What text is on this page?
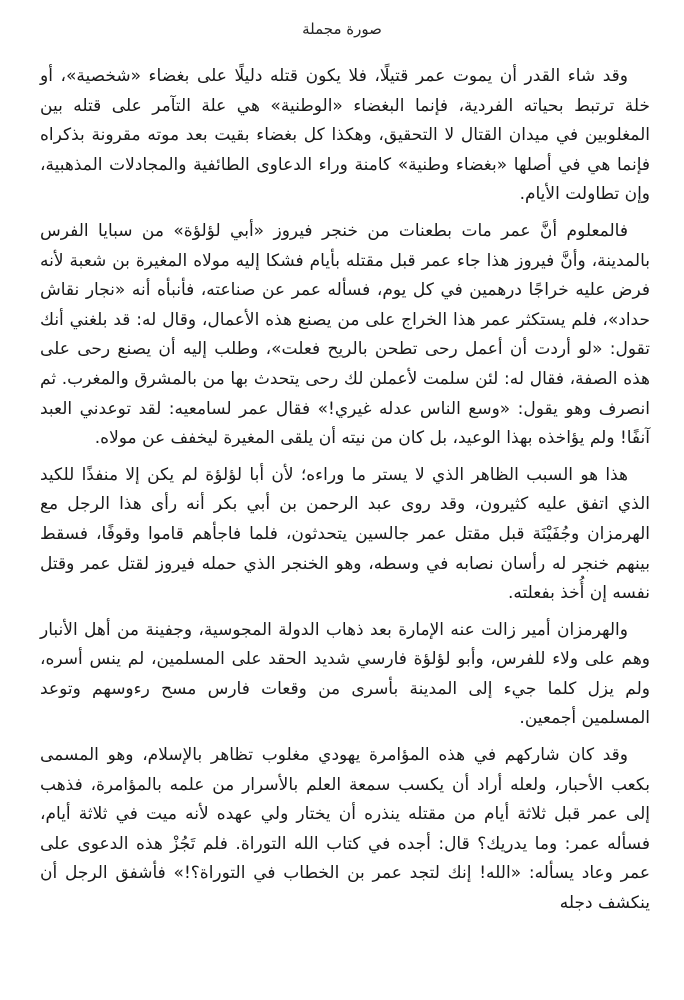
صورة مجملة

وقد شاء القدر أن يموت عمر قتيلًا، فلا يكون قتله دليلًا على بغضاء «شخصية»، أو خلة ترتبط بحياته الفردية، فإنما البغضاء «الوطنية» هي علة التآمر على قتله بين المغلوبين في ميدان القتال لا التحقيق، وهكذا كل بغضاء بقيت بعد موته مقرونة بذكراه فإنما هي في أصلها «بغضاء وطنية» كامنة وراء الدعاوى الطائفية والمجادلات المذهبية، وإن تطاولت الأيام.

فالمعلوم أنَّ عمر مات بطعنات من خنجر فيروز «أبي لؤلؤة» من سبايا الفرس بالمدينة، وأنَّ فيروز هذا جاء عمر قبل مقتله بأيام فشكا إليه مولاه المغيرة بن شعبة لأنه فرض عليه خراجًا درهمين في كل يوم، فسأله عمر عن صناعته، فأنبأه أنه «نجار نقاش حداد»، فلم يستكثر عمر هذا الخراج على من يصنع هذه الأعمال، وقال له: قد بلغني أنك تقول: «لو أردت أن أعمل رحى تطحن بالريح فعلت»، وطلب إليه أن يصنع رحى على هذه الصفة، فقال له: لئن سلمت لأعملن لك رحى يتحدث بها من بالمشرق والمغرب. ثم انصرف وهو يقول: «وسع الناس عدله غيري!» فقال عمر لسامعيه: لقد توعدني العبد آنفًا! ولم يؤاخذه بهذا الوعيد، بل كان من نيته أن يلقى المغيرة ليخفف عن مولاه.

هذا هو السبب الظاهر الذي لا يستر ما وراءه؛ لأن أبا لؤلؤة لم يكن إلا منفذًا للكيد الذي اتفق عليه كثيرون، وقد روى عبد الرحمن بن أبي بكر أنه رأى هذا الرجل مع الهرمزان وجُفَيْنَة قبل مقتل عمر جالسين يتحدثون، فلما فاجأهم قاموا وقوفًا، فسقط بينهم خنجر له رأسان نصابه في وسطه، وهو الخنجر الذي حمله فيروز لقتل عمر وقتل نفسه إن أُخذ بفعلته.

والهرمزان أمير زالت عنه الإمارة بعد ذهاب الدولة المجوسية، وجفينة من أهل الأنبار وهم على ولاء للفرس، وأبو لؤلؤة فارسي شديد الحقد على المسلمين، لم ينس أسره، ولم يزل كلما جيء إلى المدينة بأسرى من وقعات فارس مسح رءوسهم وتوعد المسلمين أجمعين.

وقد كان شاركهم في هذه المؤامرة يهودي مغلوب تظاهر بالإسلام، وهو المسمى بكعب الأحبار، ولعله أراد أن يكسب سمعة العلم بالأسرار من علمه بالمؤامرة، فذهب إلى عمر قبل ثلاثة أيام من مقتله ينذره أن يختار ولي عهده لأنه ميت في ثلاثة أيام، فسأله عمر: وما يدريك؟ قال: أجده في كتاب الله التوراة. فلم تَجُزْ هذه الدعوى على عمر وعاد يسأله: «الله! إنك لتجد عمر بن الخطاب في التوراة؟!» فأشفق الرجل أن ينكشف دجله
